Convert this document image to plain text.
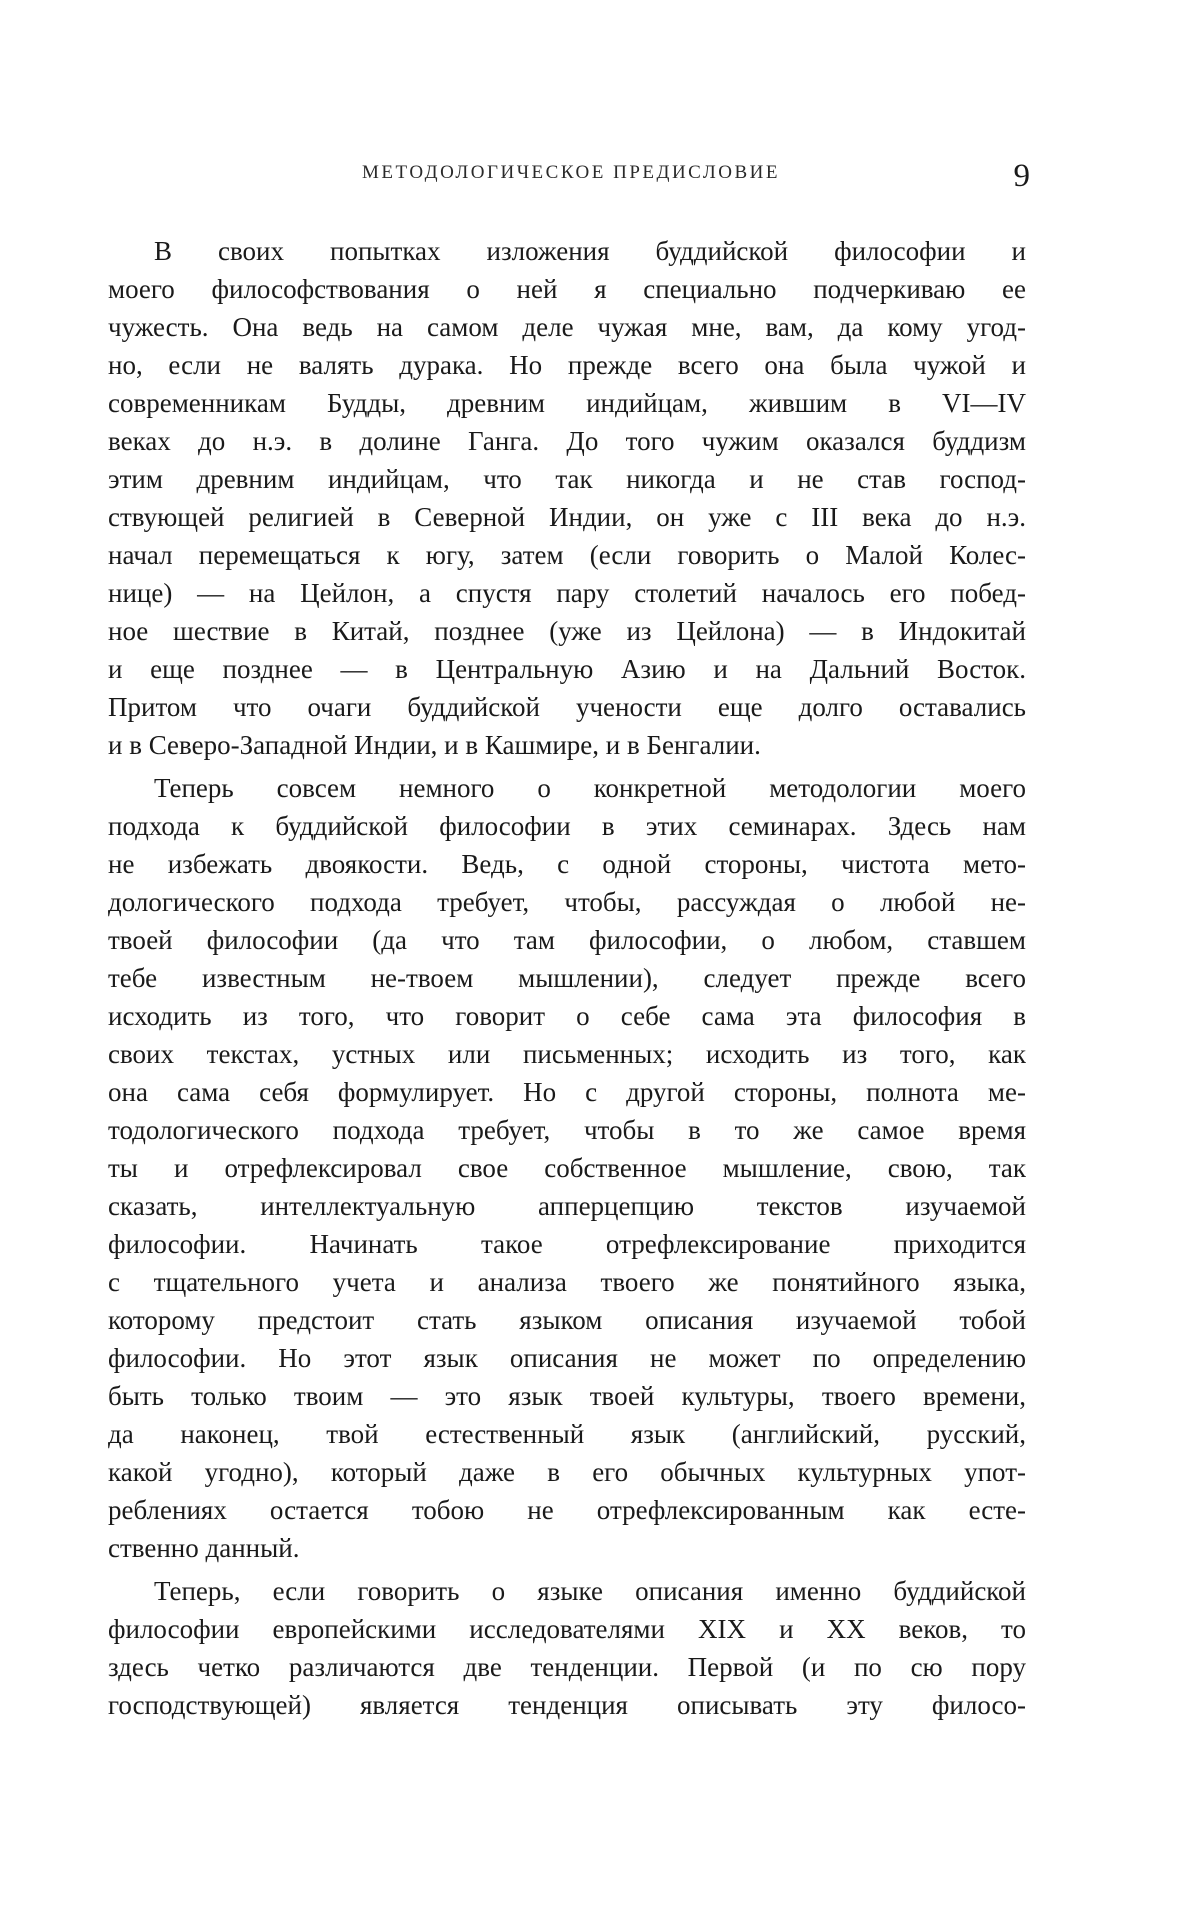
МЕТОДОЛОГИЧЕСКОЕ ПРЕДИСЛОВИЕ	9
В своих попытках изложения буддийской философии и
моего философствования о ней я специально подчеркиваю ее
чужесть. Она ведь на самом деле чужая мне, вам, да кому угод-
но, если не валять дурака. Но прежде всего она была чужой и
современникам Будды, древним индийцам, жившим в VI—IV
веках до н.э. в долине Ганга. До того чужим оказался буддизм
этим древним индийцам, что так никогда и не став господ-
ствующей религией в Северной Индии, он уже с III века до н.э.
начал перемещаться к югу, затем (если говорить о Малой Колес-
нице) — на Цейлон, а спустя пару столетий началось его побед-
ное шествие в Китай, позднее (уже из Цейлона) — в Индокитай
и еще позднее — в Центральную Азию и на Дальний Восток.
Притом что очаги буддийской учености еще долго оставались
и в Северо-Западной Индии, и в Кашмире, и в Бенгалии.
Теперь совсем немного о конкретной методологии моего
подхода к буддийской философии в этих семинарах. Здесь нам
не избежать двоякости. Ведь, с одной стороны, чистота мето-
дологического подхода требует, чтобы, рассуждая о любой не-
твоей философии (да что там философии, о любом, ставшем
тебе известным не-твоем мышлении), следует прежде всего
исходить из того, что говорит о себе сама эта философия в
своих текстах, устных или письменных; исходить из того, как
она сама себя формулирует. Но с другой стороны, полнота ме-
тодологического подхода требует, чтобы в то же самое время
ты и отрефлексировал свое собственное мышление, свою, так
сказать, интеллектуальную апперцепцию текстов изучаемой
философии. Начинать такое отрефлексирование приходится
с тщательного учета и анализа твоего же понятийного языка,
которому предстоит стать языком описания изучаемой тобой
философии. Но этот язык описания не может по определению
быть только твоим — это язык твоей культуры, твоего времени,
да наконец, твой естественный язык (английский, русский,
какой угодно), который даже в его обычных культурных упот-
реблениях остается тобою не отрефлексированным как есте-
ственно данный.
Теперь, если говорить о языке описания именно буддийской
философии европейскими исследователями XIX и XX веков, то
здесь четко различаются две тенденции. Первой (и по сю пору
господствующей) является тенденция описывать эту филосо-
